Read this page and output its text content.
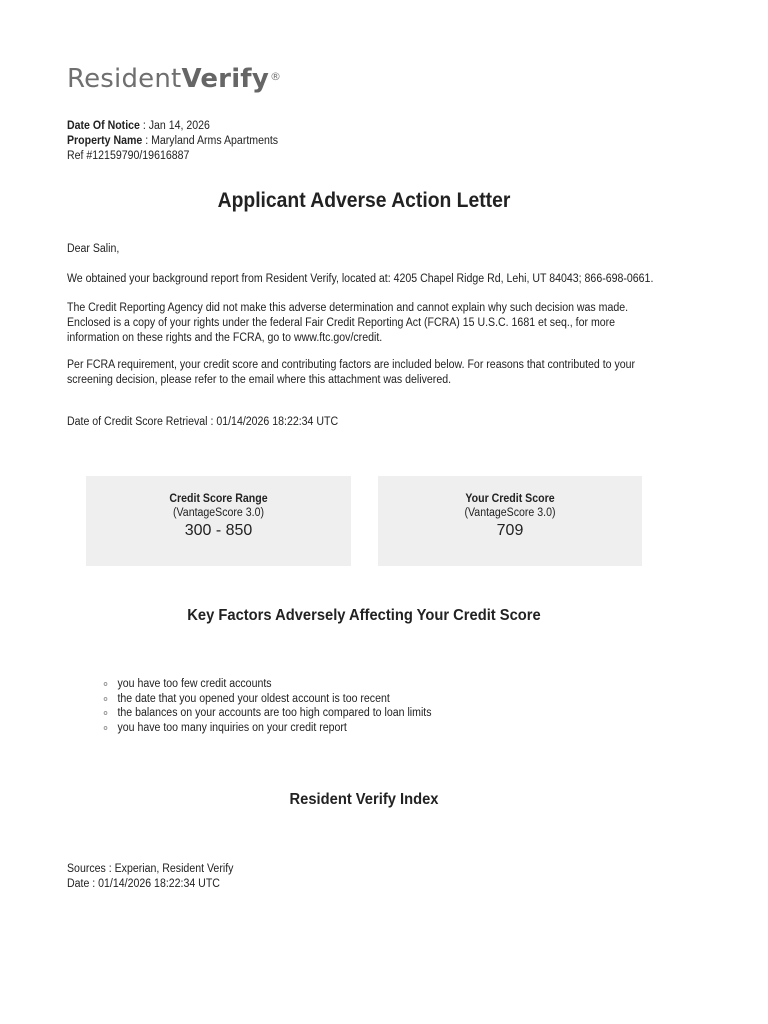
ResidentVerify®
Date Of Notice : Jan 14, 2026
Property Name : Maryland Arms Apartments
Ref #12159790/19616887
Applicant Adverse Action Letter
Dear Salin,
We obtained your background report from Resident Verify, located at: 4205 Chapel Ridge Rd, Lehi, UT 84043; 866-698-0661.
The Credit Reporting Agency did not make this adverse determination and cannot explain why such decision was made. Enclosed is a copy of your rights under the federal Fair Credit Reporting Act (FCRA) 15 U.S.C. 1681 et seq., for more information on these rights and the FCRA, go to www.ftc.gov/credit.
Per FCRA requirement, your credit score and contributing factors are included below. For reasons that contributed to your screening decision, please refer to the email where this attachment was delivered.
Date of Credit Score Retrieval : 01/14/2026 18:22:34 UTC
Credit Score Range
(VantageScore 3.0)
300 - 850
Your Credit Score
(VantageScore 3.0)
709
Key Factors Adversely Affecting Your Credit Score
you have too few credit accounts
the date that you opened your oldest account is too recent
the balances on your accounts are too high compared to loan limits
you have too many inquiries on your credit report
Resident Verify Index
Sources : Experian, Resident Verify
Date : 01/14/2026 18:22:34 UTC
